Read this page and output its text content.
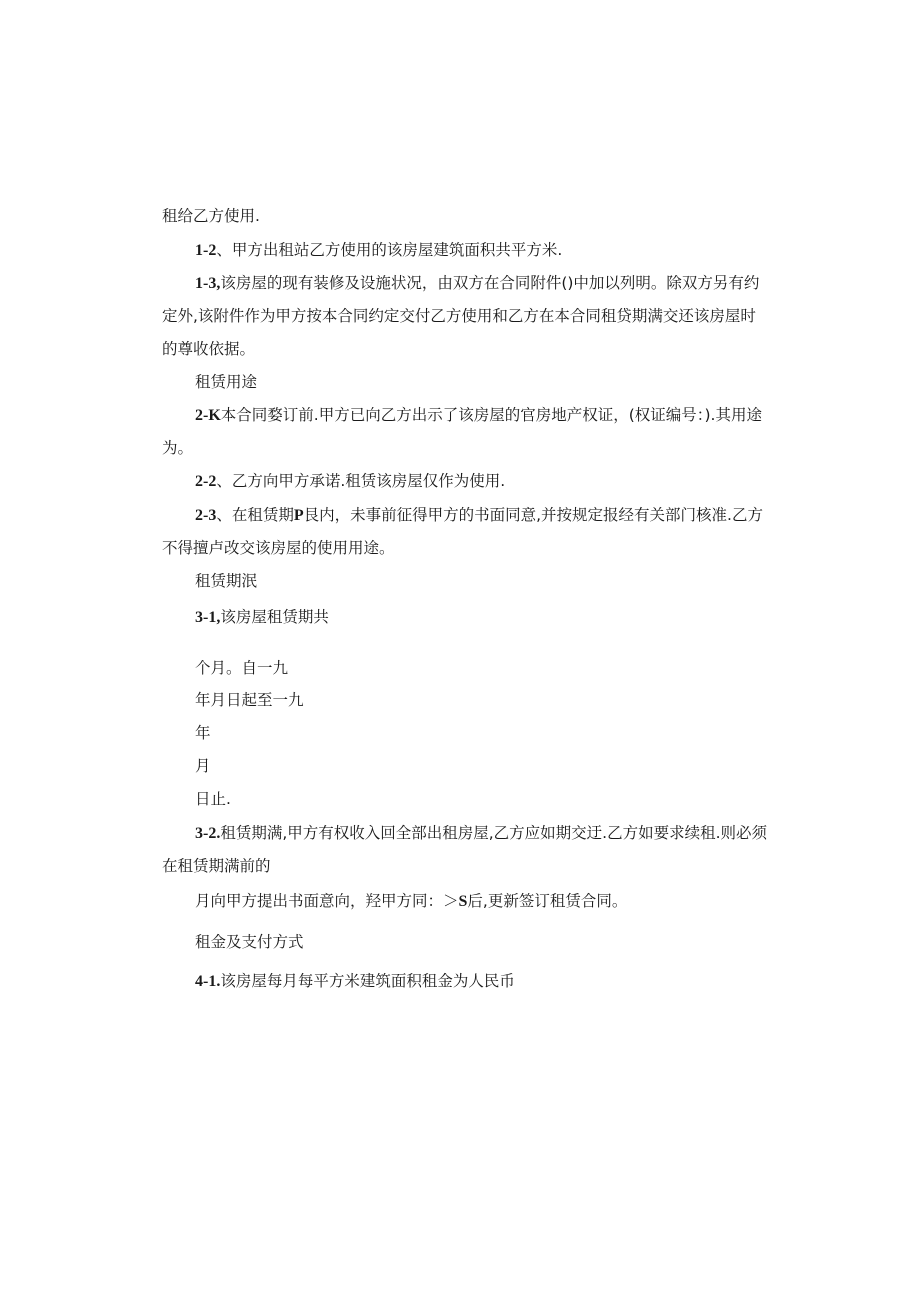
租给乙方使用.
1-2、甲方出租站乙方使用的该房屋建筑面积共平方米.
1-3,该房屋的现有装修及设施状况，由双方在合同附件()中加以列明。除双方另有约
定外,该附件作为甲方按本合同约定交付乙方使用和乙方在本合同租贷期满交还该房屋时
的尊收依据。
租赁用途
2-K本合同婺订前.甲方已向乙方出示了该房屋的官房地产权证，(权证编号：).其用途
为。
2-2、乙方向甲方承诺.租赁该房屋仅作为使用.
2-3、在租赁期P艮内，未事前征得甲方的书面同意,并按规定报经有关部门核准.乙方
不得擅卢改交该房屋的使用用途。
租赁期泯
3-1,该房屋租赁期共
个月。自一九
年月日起至一九
年
月
日止.
3-2.租赁期满,甲方有权收入回全部出租房屋,乙方应如期交迂.乙方如要求续租.则必须
在租赁期满前的
月向甲方提出书面意向，羟甲方同：＞S后,更新签订租赁合同。
租金及支付方式
4-1.该房屋每月每平方米建筑面积租金为人民币
